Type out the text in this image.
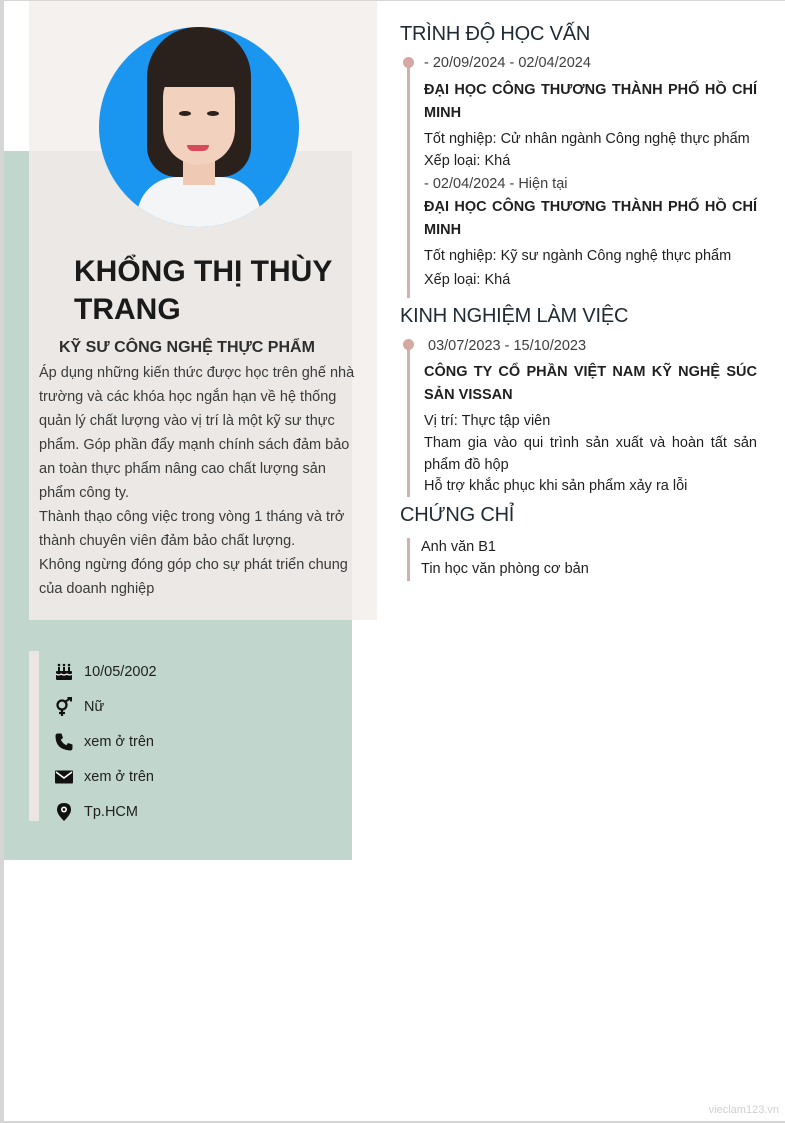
KHỔNG THỊ THÙY
TRANG
KỸ SƯ CÔNG NGHỆ THỰC PHẨM

Áp dụng những kiến thức được học trên ghế nhà trường và các khóa học ngắn hạn về hệ thống quản lý chất lượng vào vị trí là một kỹ sư thực phẩm. Góp phần đẩy mạnh chính sách đảm bảo an toàn thực phẩm nâng cao chất lượng sản phẩm công ty.

Thành thạo công việc trong vòng 1 tháng và trở thành chuyên viên đảm bảo chất lượng.

Không ngừng đóng góp cho sự phát triển chung của doanh nghiệp

10/05/2002
Nữ
xem ở trên
xem ở trên
Tp.HCM
TRÌNH ĐỘ HỌC VẤN
- 20/09/2024 - 02/04/2024
ĐẠI HỌC CÔNG THƯƠNG THÀNH PHỐ HỒ CHÍ MINH
Tốt nghiệp: Cử nhân ngành Công nghệ thực phẩm
Xếp loại: Khá
- 02/04/2024 - Hiện tại
ĐẠI HỌC CÔNG THƯƠNG THÀNH PHỐ HỒ CHÍ MINH
Tốt nghiệp: Kỹ sư ngành Công nghệ thực phẩm
Xếp loại: Khá
KINH NGHIỆM LÀM VIỆC
03/07/2023 - 15/10/2023
CÔNG TY CỔ PHẦN VIỆT NAM KỸ NGHỆ SÚC SẢN VISSAN
Vị trí: Thực tập viên
Tham gia vào qui trình sản xuất và hoàn tất sản phẩm đồ hộp
Hỗ trợ khắc phục khi sản phẩm xảy ra lỗi
CHỨNG CHỈ
Anh văn B1
Tin học văn phòng cơ bản
vieclam123.vn
